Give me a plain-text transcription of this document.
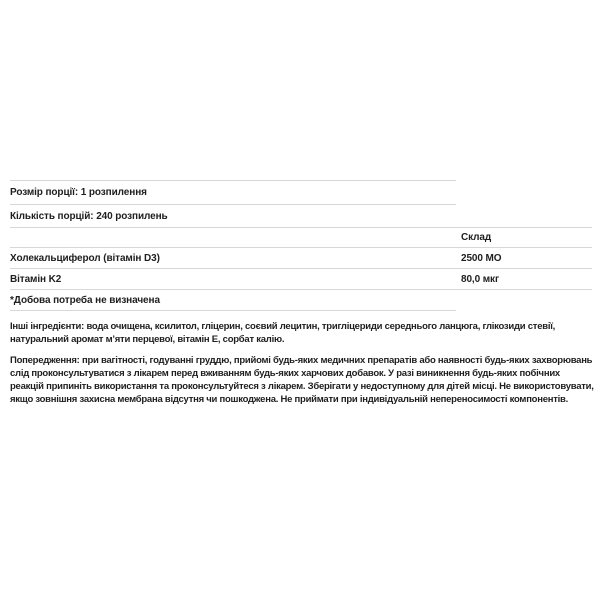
Розмір порції: 1 розпилення
Кількість порцій: 240 розпилень
Склад
Холекальциферол (вітамін D3)	2500 МО
Вітамін K2	80,0 мкг
*Добова потреба не визначена

Інші інгредієнти: вода очищена, ксилитол, гліцерин, соєвий лецитин, тригліцериди середнього ланцюга, глікозиди стевії, натуральний аромат м’яти перцевої, вітамін E, сорбат калію.

Попередження: при вагітності, годуванні груддю, прийомі будь-яких медичних препаратів або наявності будь-яких захворювань слід проконсультуватися з лікарем перед вживанням будь-яких харчових добавок. У разі виникнення будь-яких побічних реакцій припиніть використання та проконсультуйтеся з лікарем. Зберігати у недоступному для дітей місці. Не використовувати, якщо зовнішня захисна мембрана відсутня чи пошкоджена. Не приймати при індивідуальній непереносимості компонентів.
